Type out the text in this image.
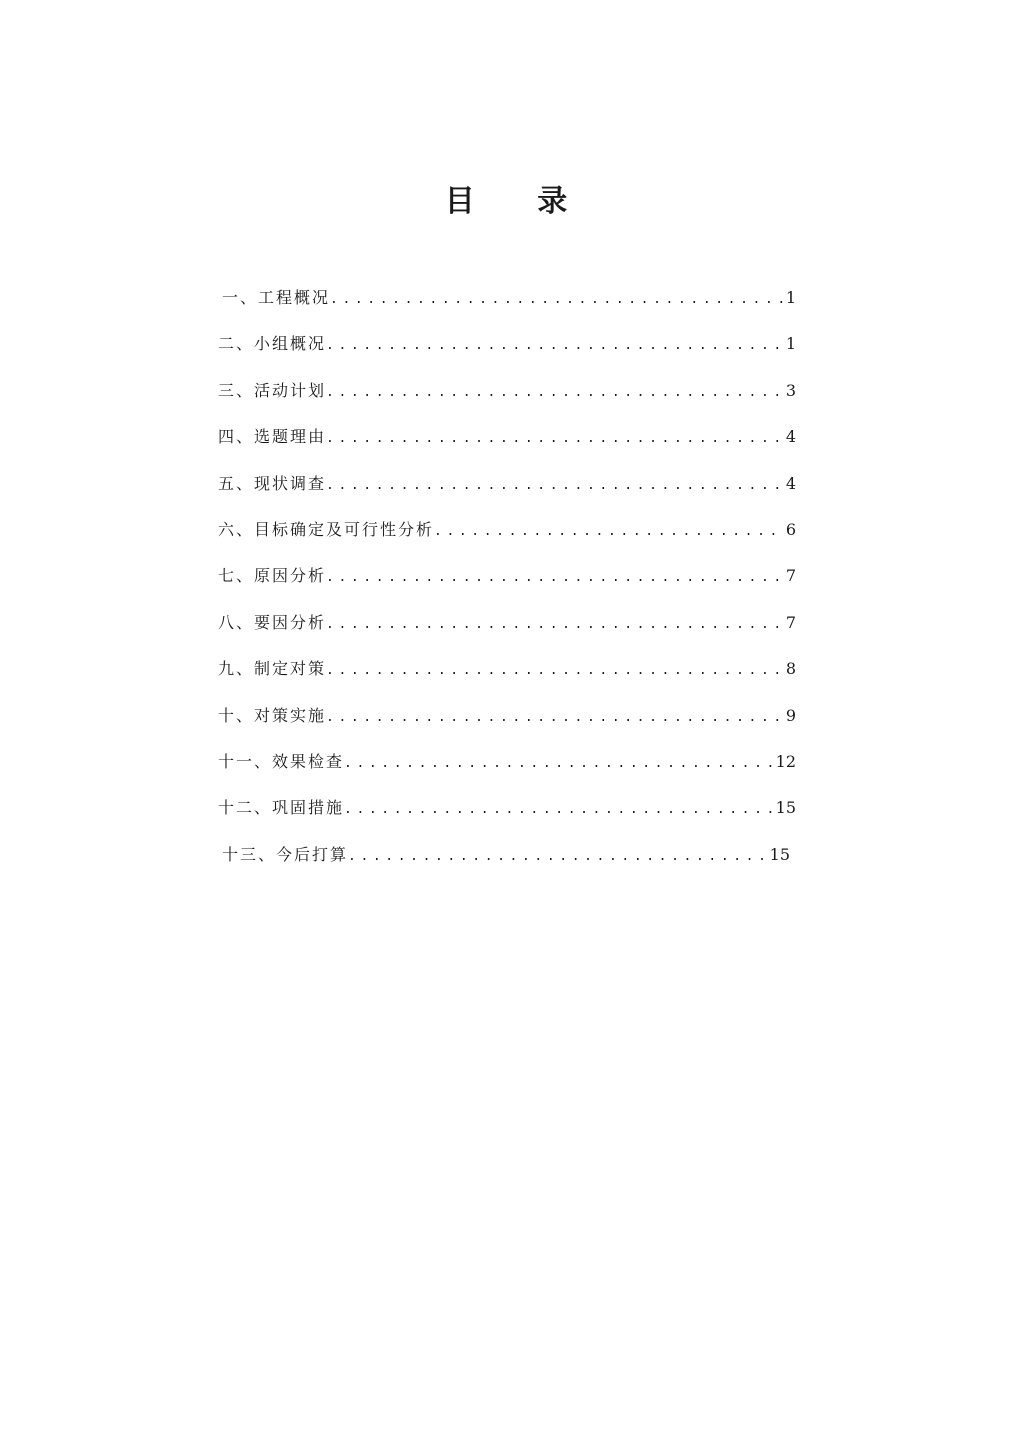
目 录
一、工程概况 .....	1
二、小组概况 .....	1
三、活动计划 .....	3
四、选题理由 .....	4
五、现状调查 .....	4
六、目标确定及可行性分析 .....	6
七、原因分析 .....	7
八、要因分析 .....	7
九、制定对策 .....	8
十、对策实施 .....	9
十一、效果检查 .....	12
十二、巩固措施 .....	15
十三、今后打算 .....	15
